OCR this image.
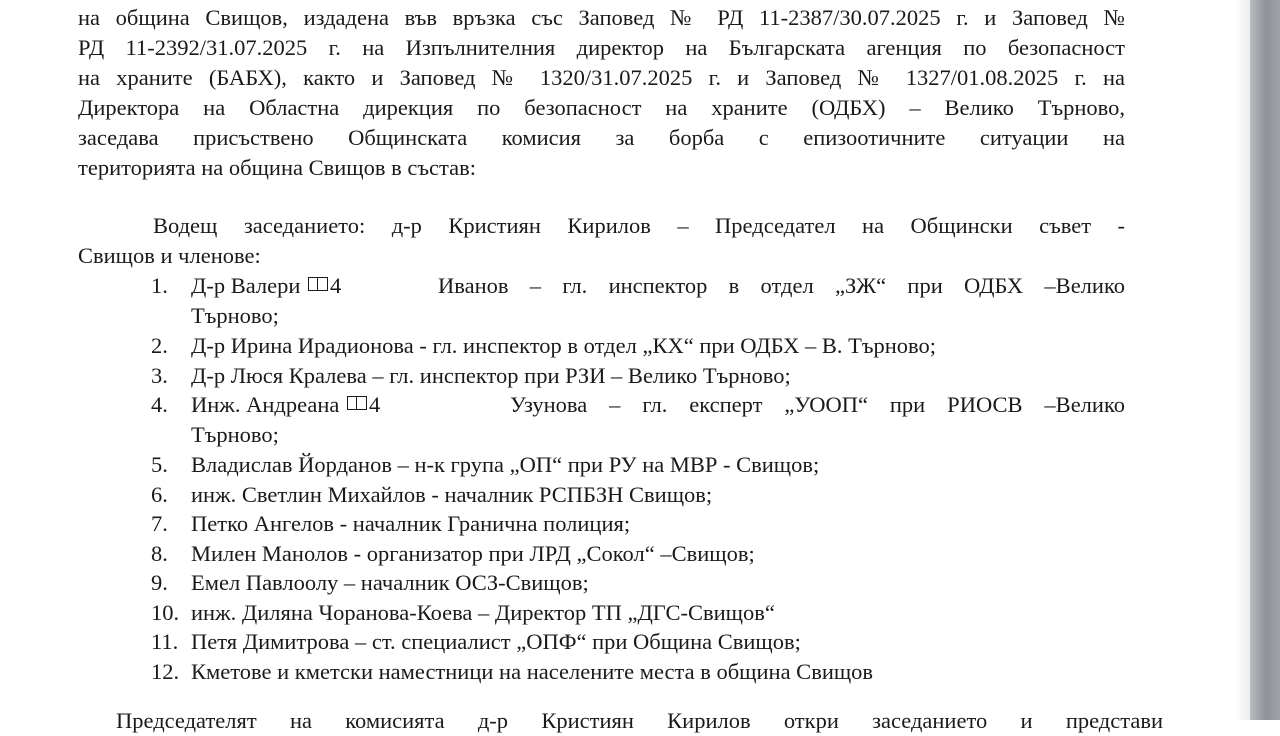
на община Свищов, издадена във връзка със Заповед № РД 11-2387/30.07.2025 г. и Заповед №
РД 11-2392/31.07.2025 г. на Изпълнителния директор на Българската агенция по безопасност
на храните (БАБХ), както и Заповед № 1320/31.07.2025 г. и Заповед № 1327/01.08.2025 г. на
Директора на Областна дирекция по безопасност на храните (ОДБХ) – Велико Търново,
заседава присъствено Общинската комисия за борба с епизоотичните ситуации на
територията на община Свищов в състав:
Водещ заседанието: д-р Кристиян Кирилов – Председател на Общински съвет -
Свищов и членове:
1.	Д-р Валери 4	Иванов – гл. инспектор в отдел „ЗЖ“ при ОДБХ –Велико
Търново;
2.	Д-р Ирина Ирадионова - гл. инспектор в отдел „КХ“ при ОДБХ – В. Търново;
3.	Д-р Люся Кралева – гл. инспектор при РЗИ – Велико Търново;
4.	Инж. Андреана 4	Узунова – гл. експерт „УООП“ при РИОСВ –Велико
Търново;
5.	Владислав Йорданов – н-к група „ОП“ при РУ на МВР - Свищов;
6.	инж. Светлин Михайлов - началник РСПБЗН Свищов;
7.	Петко Ангелов - началник Гранична полиция;
8.	Милен Манолов - организатор при ЛРД „Сокол“ –Свищов;
9.	Емел Павлоолу – началник ОСЗ-Свищов;
10. инж. Диляна Чоранова-Коева – Директор ТП „ДГС-Свищов“
11. Петя Димитрова – ст. специалист „ОПФ“ при Община Свищов;
12. Кметове и кметски наместници на населените места в община Свищов
Председателят на комисията д-р Кристиян Кирилов откри заседанието и представи
